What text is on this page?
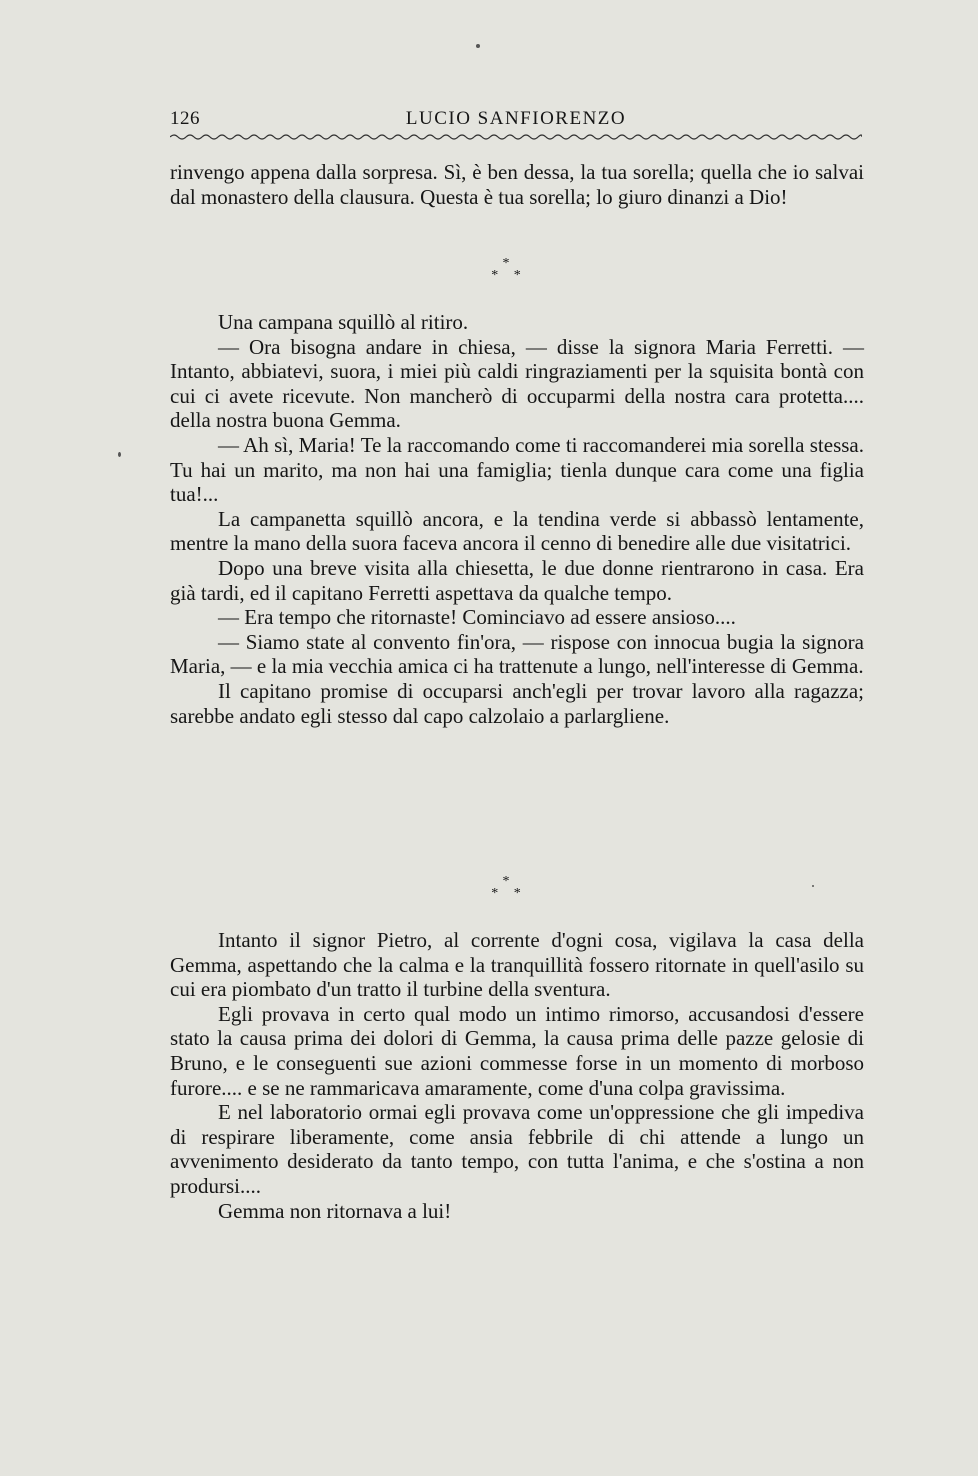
126	LUCIO SANFIORENZO

rinvengo appena dalla sorpresa. Sì, è ben dessa, la tua sorella; quella che io salvai dal monastero della clausura. Questa è tua sorella; lo giuro dinanzi a Dio!

*
* *

Una campana squillò al ritiro.

— Ora bisogna andare in chiesa, — disse la signora Maria Ferretti. — Intanto, abbiatevi, suora, i miei più caldi ringraziamenti per la squisita bontà con cui ci avete ricevute. Non mancherò di occuparmi della nostra cara protetta.... della nostra buona Gemma.

— Ah sì, Maria! Te la raccomando come ti raccomanderei mia sorella stessa. Tu hai un marito, ma non hai una famiglia; tienla dunque cara come una figlia tua!...

La campanetta squillò ancora, e la tendina verde si abbassò lentamente, mentre la mano della suora faceva ancora il cenno di benedire alle due visitatrici.

Dopo una breve visita alla chiesetta, le due donne rientrarono in casa. Era già tardi, ed il capitano Ferretti aspettava da qualche tempo.

— Era tempo che ritornaste! Cominciavo ad essere ansioso....

— Siamo state al convento fin'ora, — rispose con innocua bugia la signora Maria, — e la mia vecchia amica ci ha trattenute a lungo, nell'interesse di Gemma.

Il capitano promise di occuparsi anch'egli per trovar lavoro alla ragazza; sarebbe andato egli stesso dal capo calzolaio a parlargliene.

*
* *

Intanto il signor Pietro, al corrente d'ogni cosa, vigilava la casa della Gemma, aspettando che la calma e la tranquillità fossero ritornate in quell'asilo su cui era piombato d'un tratto il turbine della sventura.

Egli provava in certo qual modo un intimo rimorso, accusandosi d'essere stato la causa prima dei dolori di Gemma, la causa prima delle pazze gelosie di Bruno, e le conseguenti sue azioni commesse forse in un momento di morboso furore.... e se ne rammaricava amaramente, come d'una colpa gravissima.

E nel laboratorio ormai egli provava come un'oppressione che gli impediva di respirare liberamente, come ansia febbrile di chi attende a lungo un avvenimento desiderato da tanto tempo, con tutta l'anima, e che s'ostina a non prodursi....

Gemma non ritornava a lui!
